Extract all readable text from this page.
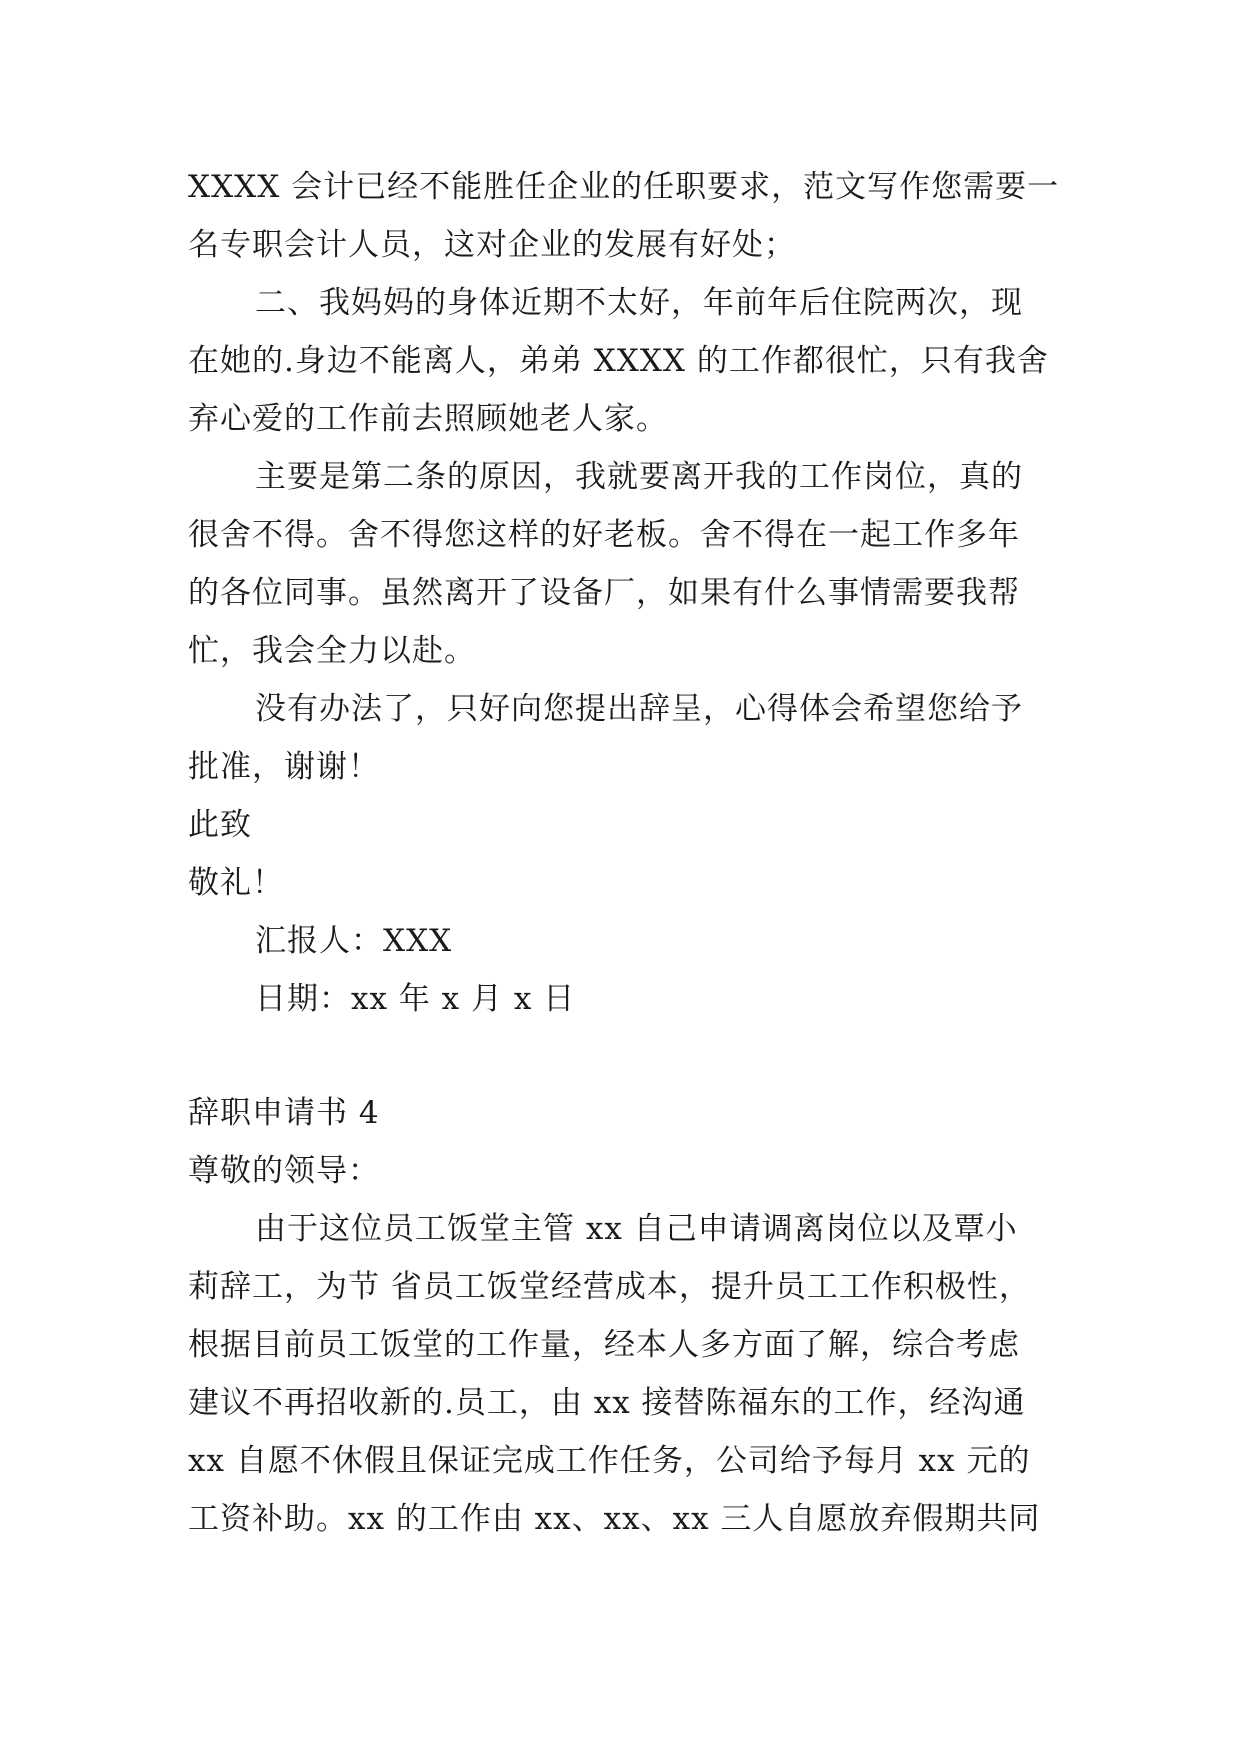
XXXX 会计已经不能胜任企业的任职要求，范文写作您需要一
名专职会计人员，这对企业的发展有好处；
二、我妈妈的身体近期不太好，年前年后住院两次，现
在她的.身边不能离人，弟弟 XXXX 的工作都很忙，只有我舍
弃心爱的工作前去照顾她老人家。
主要是第二条的原因，我就要离开我的工作岗位，真的
很舍不得。舍不得您这样的好老板。舍不得在一起工作多年
的各位同事。虽然离开了设备厂，如果有什么事情需要我帮
忙，我会全力以赴。
没有办法了，只好向您提出辞呈，心得体会希望您给予
批准，谢谢！
此致
敬礼！
汇报人：XXX
日期：xx 年 x 月 x 日
辞职申请书 4
尊敬的领导：
由于这位员工饭堂主管 xx 自己申请调离岗位以及覃小
莉辞工，为节 省员工饭堂经营成本，提升员工工作积极性，
根据目前员工饭堂的工作量，经本人多方面了解，综合考虑
建议不再招收新的.员工，由 xx 接替陈福东的工作，经沟通
xx 自愿不休假且保证完成工作任务，公司给予每月 xx 元的
工资补助。xx 的工作由 xx、xx、xx 三人自愿放弃假期共同
